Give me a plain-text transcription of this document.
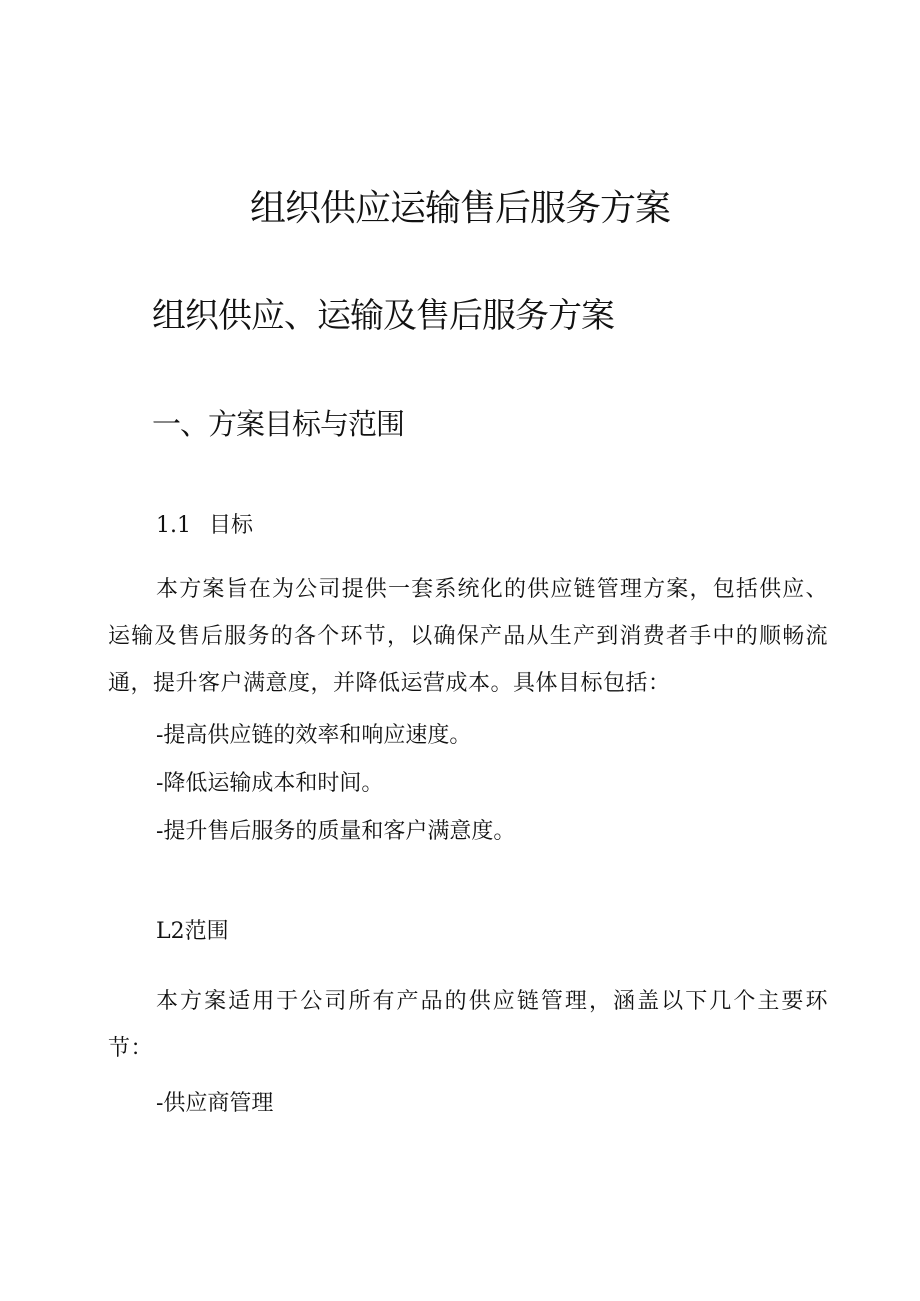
组织供应运输售后服务方案
组织供应、运输及售后服务方案
一、方案目标与范围
1.1 目标

本方案旨在为公司提供一套系统化的供应链管理方案，包括供应、运输及售后服务的各个环节，以确保产品从生产到消费者手中的顺畅流通，提升客户满意度，并降低运营成本。具体目标包括：

-提高供应链的效率和响应速度。

-降低运输成本和时间。

-提升售后服务的质量和客户满意度。

L2范围

本方案适用于公司所有产品的供应链管理，涵盖以下几个主要环节：

-供应商管理
